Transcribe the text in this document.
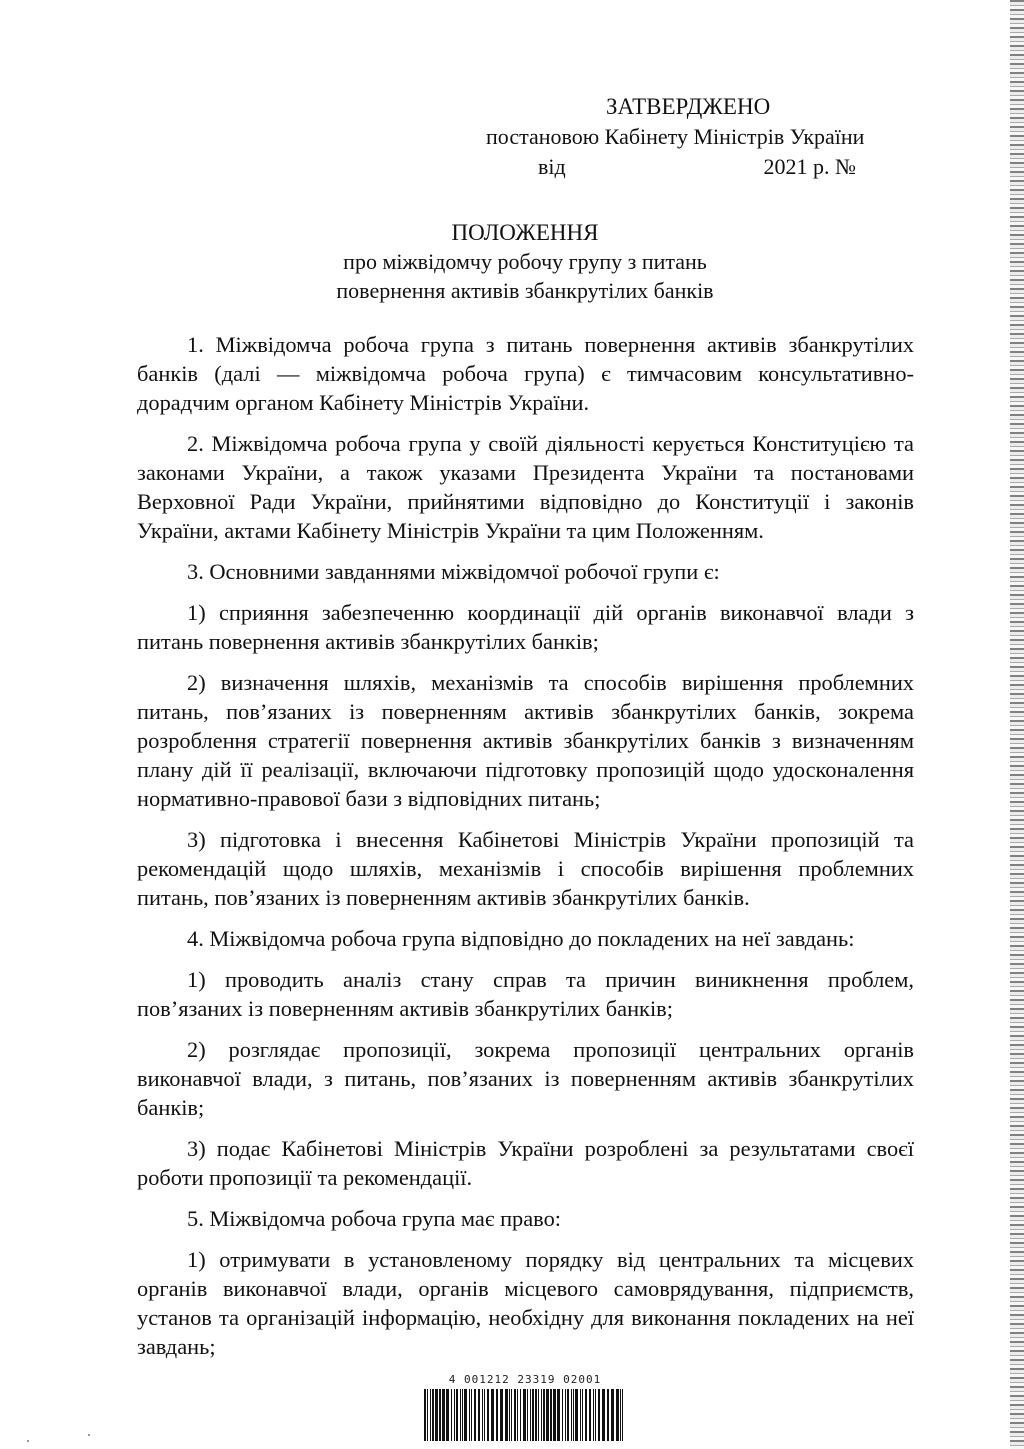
ЗАТВЕРДЖЕНО
постановою Кабінету Міністрів України
від	2021 р. №
ПОЛОЖЕННЯ
про міжвідомчу робочу групу з питань
повернення активів збанкрутілих банків

1. Міжвідомча робоча група з питань повернення активів збанкрутілих банків (далі — міжвідомча робоча група) є тимчасовим консультативно-дорадчим органом Кабінету Міністрів України.

2. Міжвідомча робоча група у своїй діяльності керується Конституцією та законами України, а також указами Президента України та постановами Верховної Ради України, прийнятими відповідно до Конституції і законів України, актами Кабінету Міністрів України та цим Положенням.

3. Основними завданнями міжвідомчої робочої групи є:

1) сприяння забезпеченню координації дій органів виконавчої влади з питань повернення активів збанкрутілих банків;

2) визначення шляхів, механізмів та способів вирішення проблемних питань, пов’язаних із поверненням активів збанкрутілих банків, зокрема розроблення стратегії повернення активів збанкрутілих банків з визначенням плану дій її реалізації, включаючи підготовку пропозицій щодо удосконалення нормативно-правової бази з відповідних питань;

3) підготовка і внесення Кабінетові Міністрів України пропозицій та рекомендацій щодо шляхів, механізмів і способів вирішення проблемних питань, пов’язаних із поверненням активів збанкрутілих банків.

4. Міжвідомча робоча група відповідно до покладених на неї завдань:

1) проводить аналіз стану справ та причин виникнення проблем, пов’язаних із поверненням активів збанкрутілих банків;

2) розглядає пропозиції, зокрема пропозиції центральних органів виконавчої влади, з питань, пов’язаних із поверненням активів збанкрутілих банків;

3) подає Кабінетові Міністрів України розроблені за результатами своєї роботи пропозиції та рекомендації.

5. Міжвідомча робоча група має право:

1) отримувати в установленому порядку від центральних та місцевих органів виконавчої влади, органів місцевого самоврядування, підприємств, установ та організацій інформацію, необхідну для виконання покладених на неї завдань;

4 001212 23319 02001
